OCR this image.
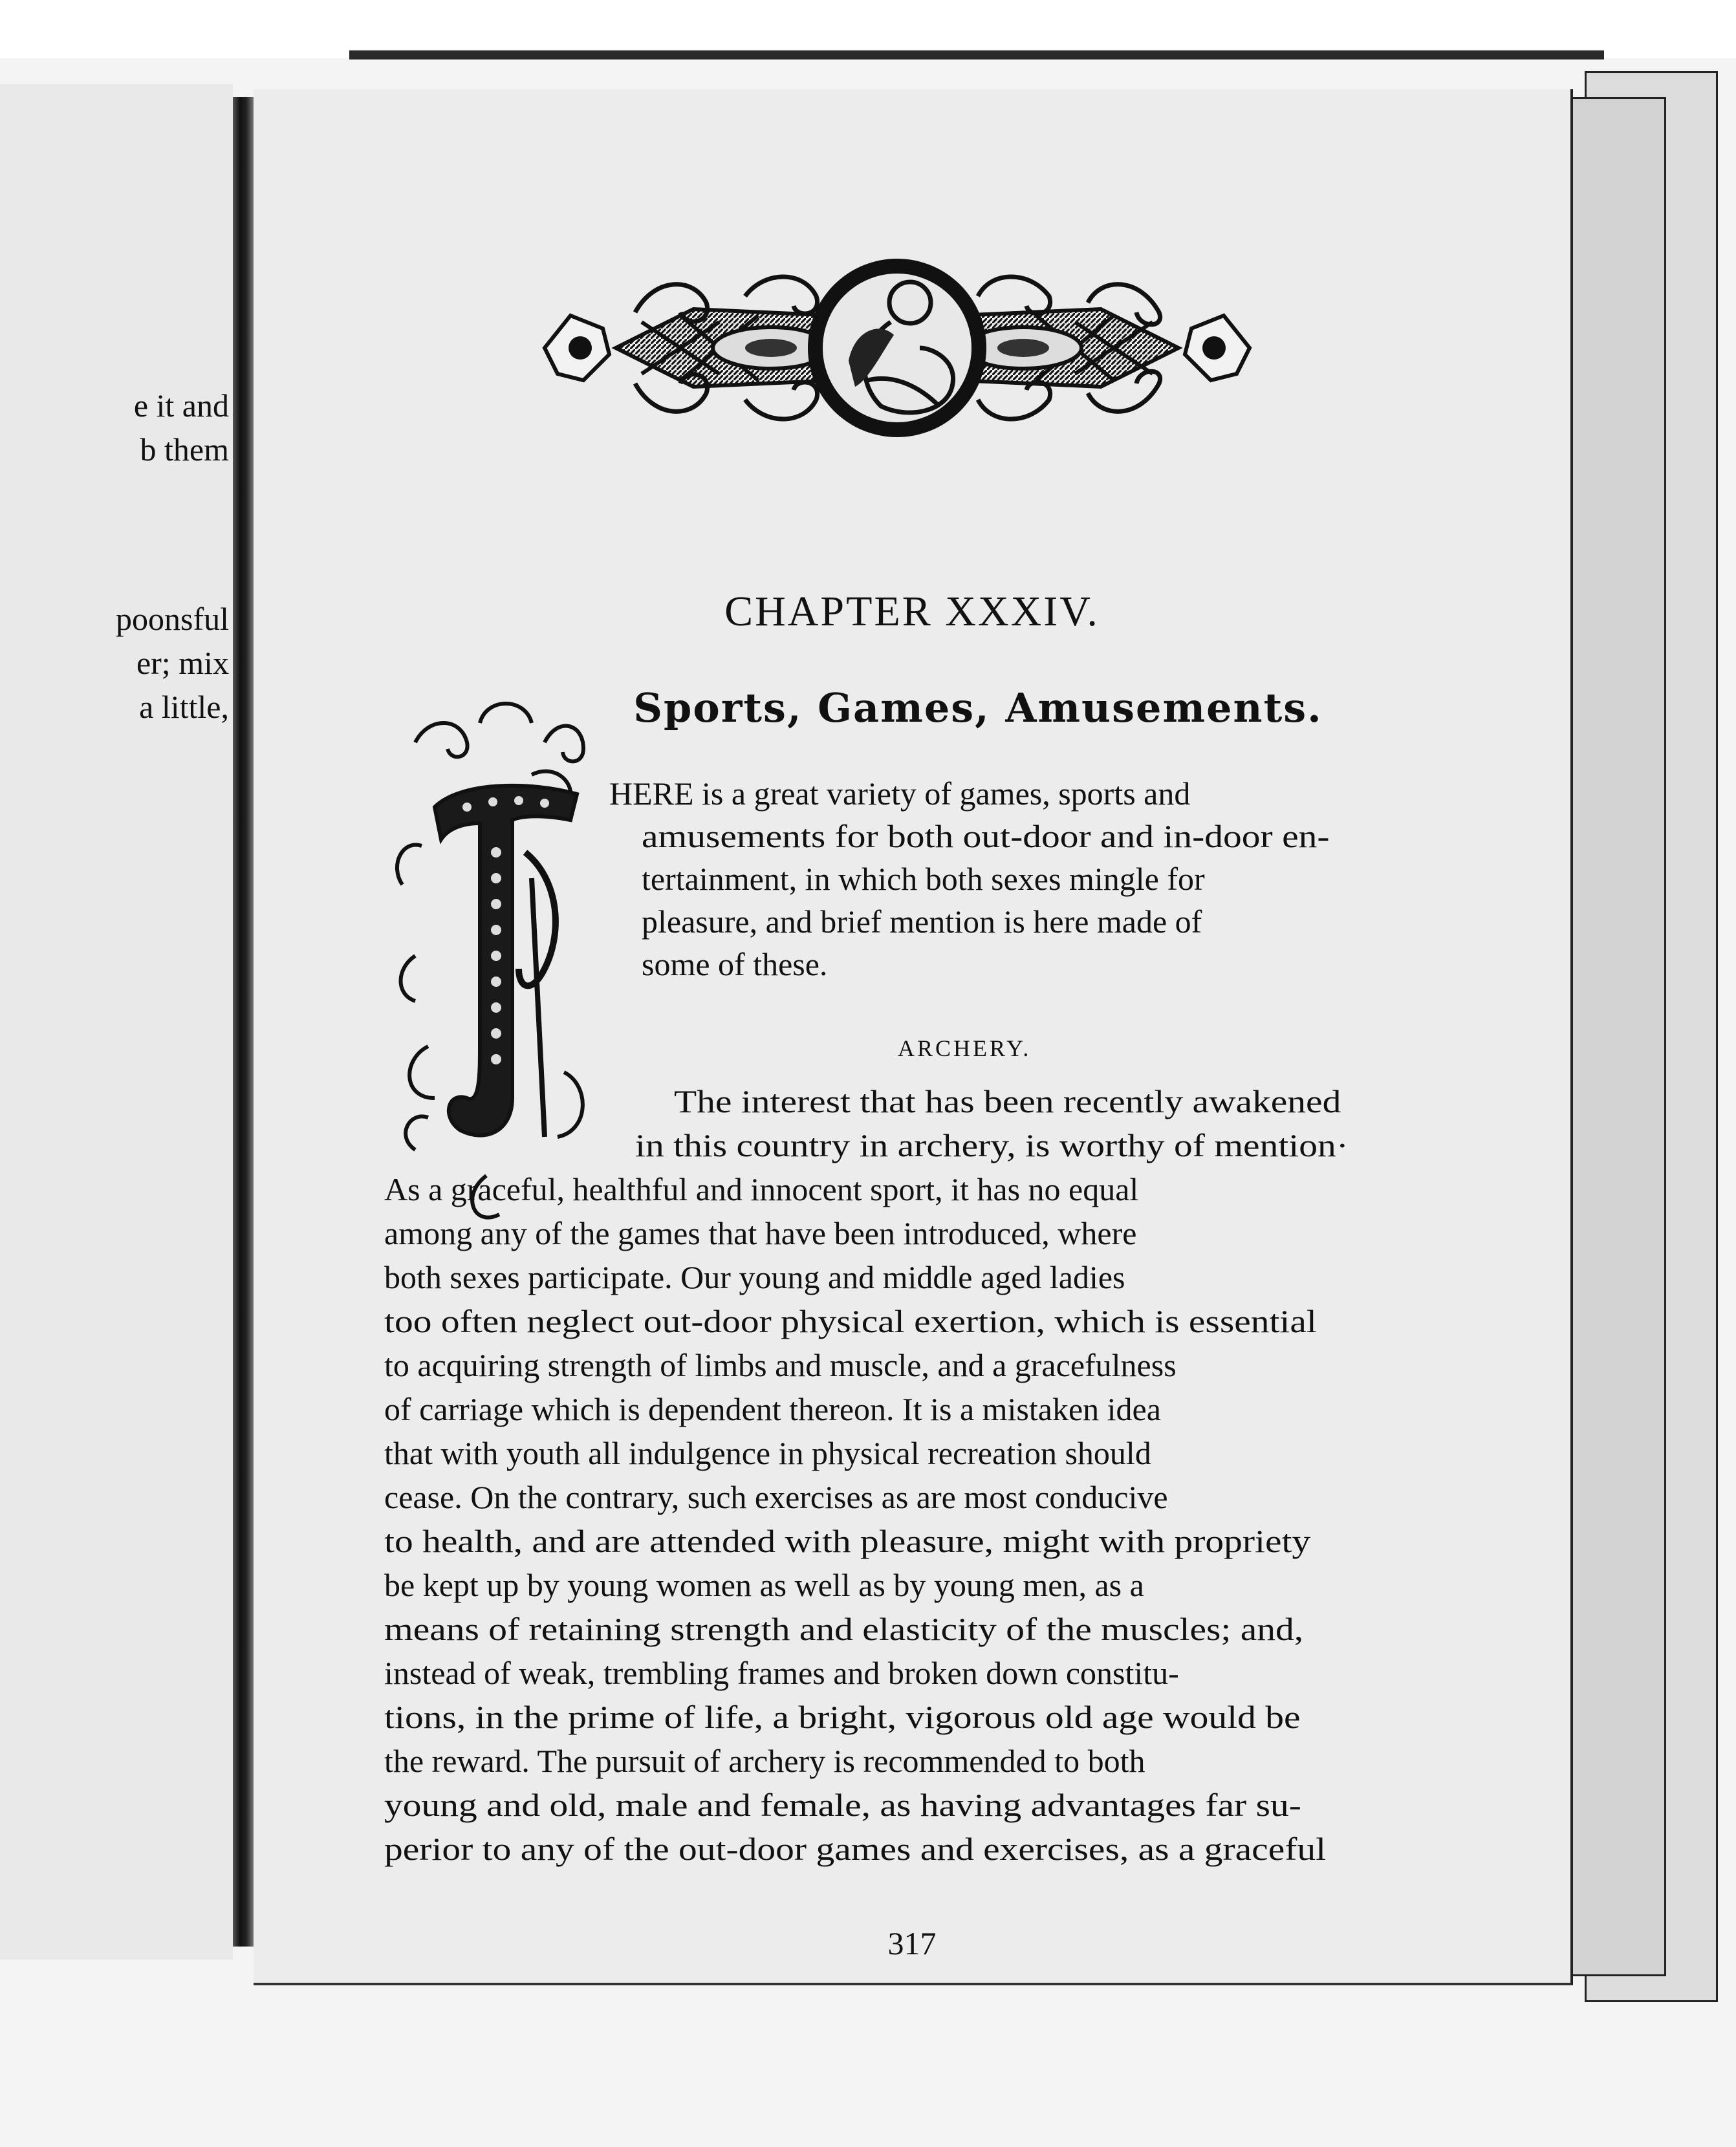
e it and
b them
poonsful
er; mix
a little,
CHAPTER XXXIV.
Sports, Games, Amusements.
HERE is a great variety of games, sports and
amusements for both out-door and in-door en-
tertainment, in which both sexes mingle for
pleasure, and brief mention is here made of
some of these.
ARCHERY.
The interest that has been recently awakened
in this country in archery, is worthy of mention·
As a graceful, healthful and innocent sport, it has no equal
among any of the games that have been introduced, where
both sexes participate. Our young and middle aged ladies
too often neglect out-door physical exertion, which is essential
to acquiring strength of limbs and muscle, and a gracefulness
of carriage which is dependent thereon. It is a mistaken idea
that with youth all indulgence in physical recreation should
cease. On the contrary, such exercises as are most conducive
to health, and are attended with pleasure, might with propriety
be kept up by young women as well as by young men, as a
means of retaining strength and elasticity of the muscles; and,
instead of weak, trembling frames and broken down constitu-
tions, in the prime of life, a bright, vigorous old age would be
the reward. The pursuit of archery is recommended to both
young and old, male and female, as having advantages far su-
perior to any of the out-door games and exercises, as a graceful
317
